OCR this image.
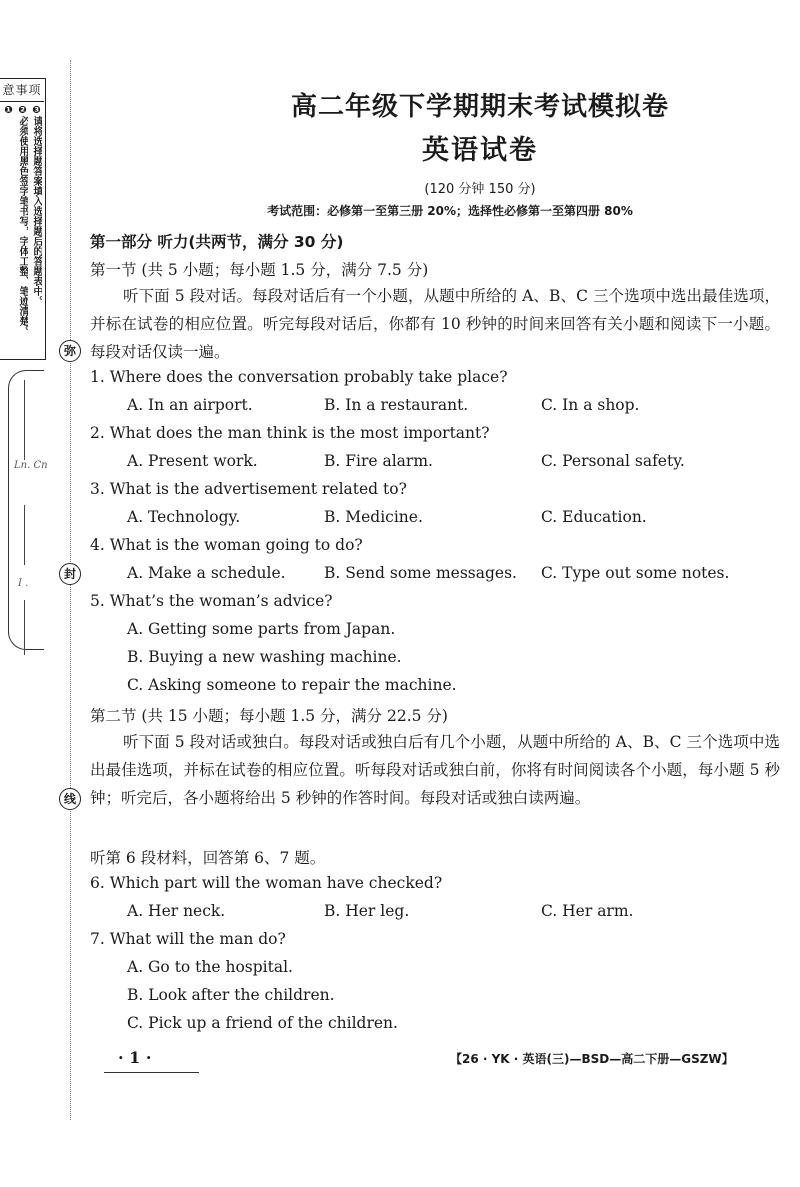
意事项
❸请将选择题答案填入选择题后的答题表中。
❷必须使用黑色签字笔书写，字体工整、笔迹清楚。
❶
Ln. Cn
I .
弥
封
线
高二年级下学期期末考试模拟卷
英语试卷
(120 分钟 150 分)
考试范围：必修第一至第三册 20%；选择性必修第一至第四册 80%
第一部分 听力(共两节，满分 30 分)
第一节 (共 5 小题；每小题 1.5 分，满分 7.5 分)
听下面 5 段对话。每段对话后有一个小题，从题中所给的 A、B、C 三个选项中选出最佳选项，并标在试卷的相应位置。听完每段对话后，你都有 10 秒钟的时间来回答有关小题和阅读下一小题。每段对话仅读一遍。
1. Where does the conversation probably take place?
A. In an airport.	B. In a restaurant.	C. In a shop.
2. What does the man think is the most important?
A. Present work.	B. Fire alarm.	C. Personal safety.
3. What is the advertisement related to?
A. Technology.	B. Medicine.	C. Education.
4. What is the woman going to do?
A. Make a schedule. B. Send some messages. C. Type out some notes.
5. What’s the woman’s advice?
A. Getting some parts from Japan.
B. Buying a new washing machine.
C. Asking someone to repair the machine.
第二节 (共 15 小题；每小题 1.5 分，满分 22.5 分)
听下面 5 段对话或独白。每段对话或独白后有几个小题，从题中所给的 A、B、C 三个选项中选出最佳选项，并标在试卷的相应位置。听每段对话或独白前，你将有时间阅读各个小题，每小题 5 秒钟；听完后，各小题将给出 5 秒钟的作答时间。每段对话或独白读两遍。
听第 6 段材料，回答第 6、7 题。
6. Which part will the woman have checked?
A. Her neck.	B. Her leg.	C. Her arm.
7. What will the man do?
A. Go to the hospital.
B. Look after the children.
C. Pick up a friend of the children.
· 1 ·	【26 · YK · 英语(三)—BSD—高二下册—GSZW】
